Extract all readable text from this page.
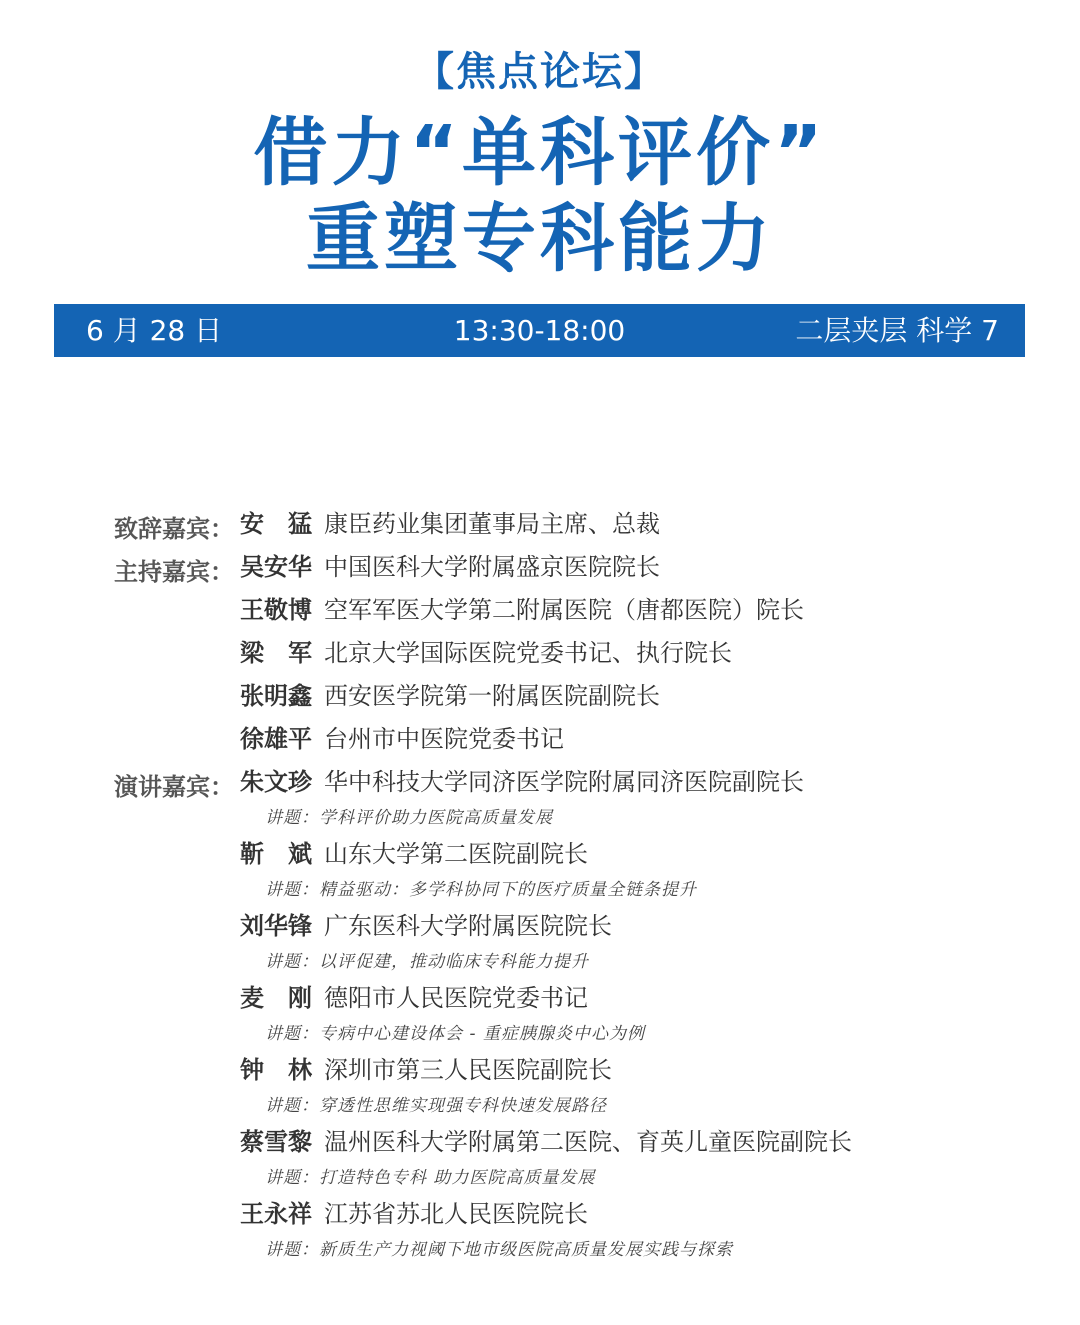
【焦点论坛】
借力“单科评价”
重塑专科能力
13:30-18:00
6 月 28 日	二层夹层 科学 7
致辞嘉宾： 安猛 康臣药业集团董事局主席、总裁
主持嘉宾： 吴安华 中国医科大学附属盛京医院院长
王敬博 空军军医大学第二附属医院（唐都医院）院长
梁军 北京大学国际医院党委书记、执行院长
张明鑫 西安医学院第一附属医院副院长
徐雄平 台州市中医院党委书记
演讲嘉宾： 朱文珍 华中科技大学同济医学院附属同济医院副院长
讲题：学科评价助力医院高质量发展
靳斌 山东大学第二医院副院长
讲题：精益驱动：多学科协同下的医疗质量全链条提升
刘华锋 广东医科大学附属医院院长
讲题：以评促建，推动临床专科能力提升
麦刚 德阳市人民医院党委书记
讲题：专病中心建设体会 - 重症胰腺炎中心为例
钟林 深圳市第三人民医院副院长
讲题：穿透性思维实现强专科快速发展路径
蔡雪黎 温州医科大学附属第二医院、育英儿童医院副院长
讲题：打造特色专科 助力医院高质量发展
王永祥 江苏省苏北人民医院院长
讲题：新质生产力视阈下地市级医院高质量发展实践与探索
